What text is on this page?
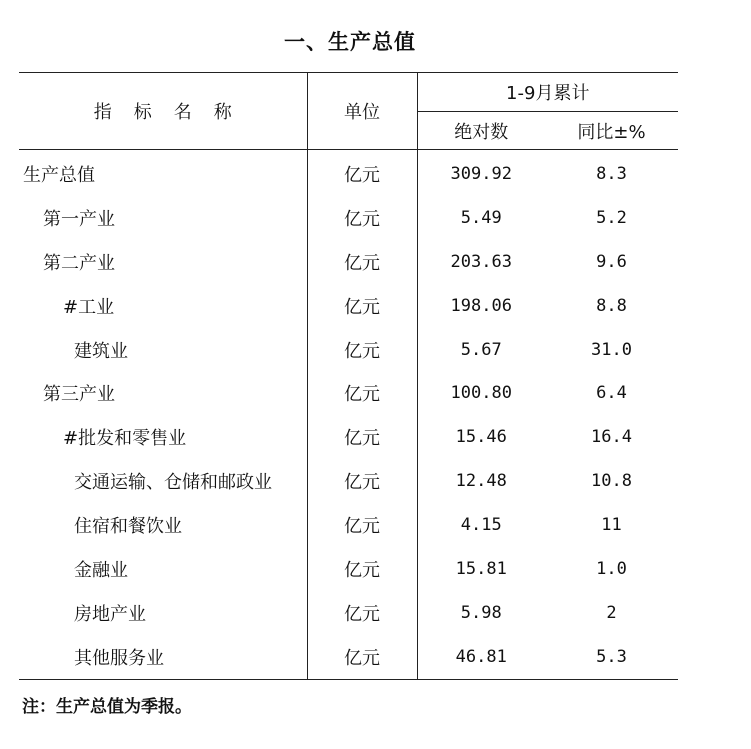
一、生产总值
指标名称	单位	1-9月累计	
		绝对数	同比±%
生产总值	亿元	309.92	8.3
第一产业	亿元	5.49	5.2
第二产业	亿元	203.63	9.6
#工业	亿元	198.06	8.8
建筑业	亿元	5.67	31.0
第三产业	亿元	100.80	6.4
#批发和零售业	亿元	15.46	16.4
交通运输、仓储和邮政业	亿元	12.48	10.8
住宿和餐饮业	亿元	4.15	11
金融业	亿元	15.81	1.0
房地产业	亿元	5.98	2
其他服务业	亿元	46.81	5.3
注：生产总值为季报。
